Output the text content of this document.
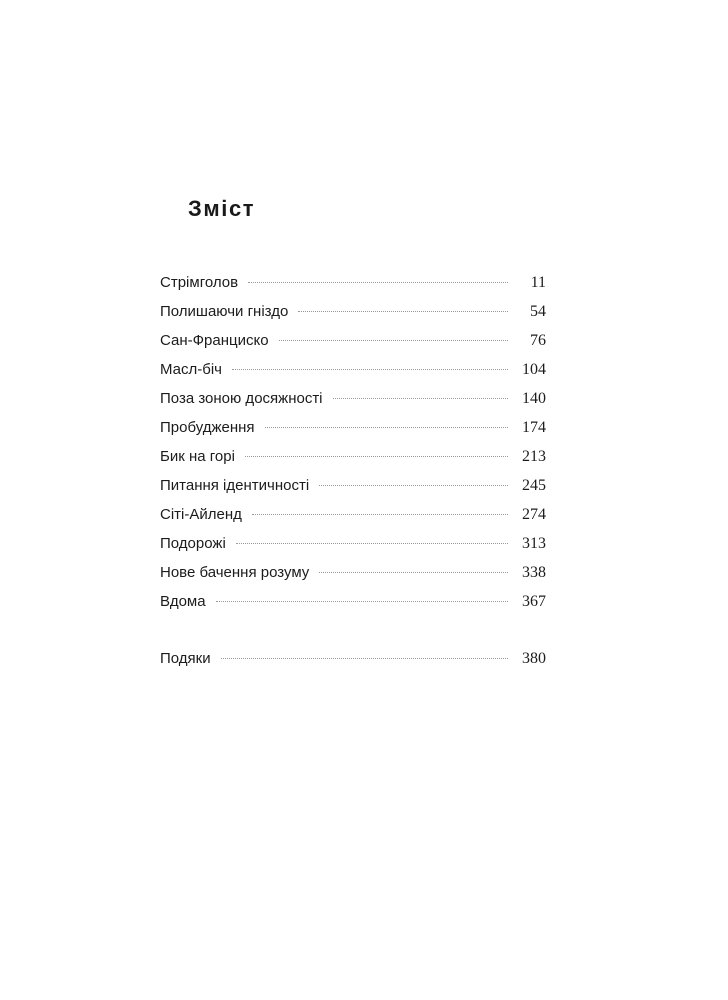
Зміст
Стрімголов	11
Полишаючи гніздо	54
Сан-Франциско	76
Масл-біч	104
Поза зоною досяжності	140
Пробудження	174
Бик на горі	213
Питання ідентичності	245
Сіті-Айленд	274
Подорожі	313
Нове бачення розуму	338
Вдома	367
Подяки	380
